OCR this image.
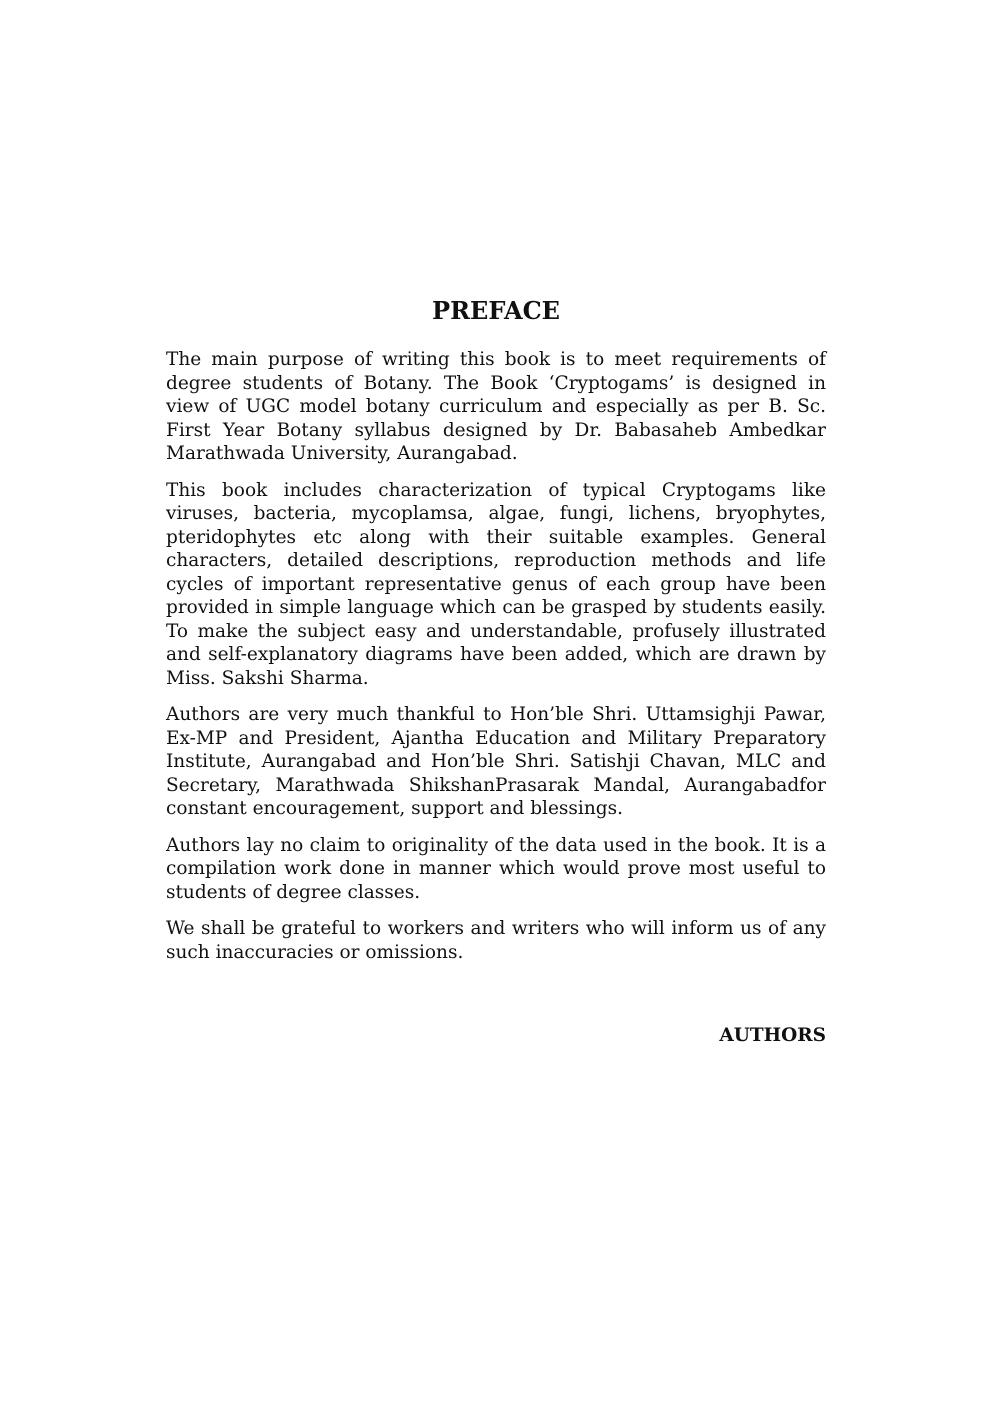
PREFACE

The main purpose of writing this book is to meet requirements of degree students of Botany. The Book ‘Cryptogams’ is designed in view of UGC model botany curriculum and especially as per B. Sc. First Year Botany syllabus designed by Dr. Babasaheb Ambedkar Marathwada University, Aurangabad.

This book includes characterization of typical Cryptogams like viruses, bacteria, mycoplamsa, algae, fungi, lichens, bryophytes, pteridophytes etc along with their suitable examples. General characters, detailed descriptions, reproduction methods and life cycles of important representative genus of each group have been provided in simple language which can be grasped by students easily. To make the subject easy and understandable, profusely illustrated and self-explanatory diagrams have been added, which are drawn by Miss. Sakshi Sharma.

Authors are very much thankful to Hon’ble Shri. Uttamsighji Pawar, Ex-MP and President, Ajantha Education and Military Preparatory Institute, Aurangabad and Hon’ble Shri. Satishji Chavan, MLC and Secretary, Marathwada ShikshanPrasarak Mandal, Aurangabadfor constant encouragement, support and blessings.

Authors lay no claim to originality of the data used in the book. It is a compilation work done in manner which would prove most useful to students of degree classes.

We shall be grateful to workers and writers who will inform us of any such inaccuracies or omissions.

AUTHORS
